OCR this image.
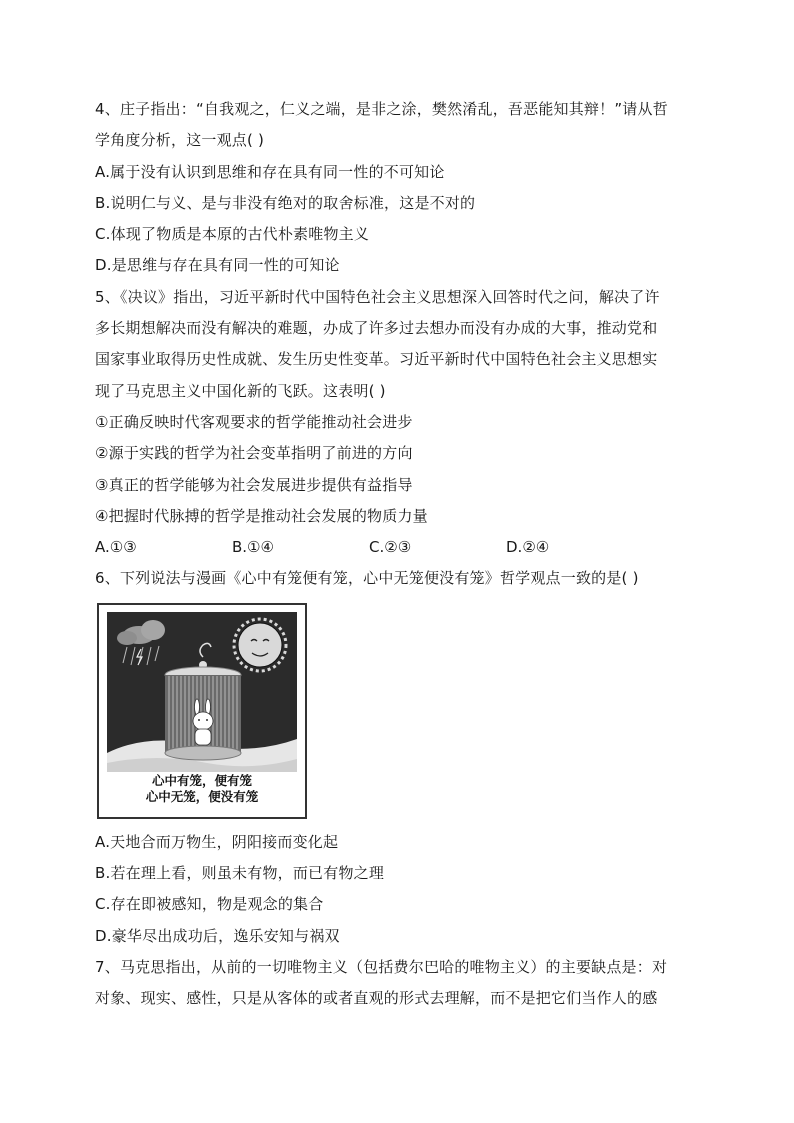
4、庄子指出：“自我观之，仁义之端，是非之涂，樊然淆乱，吾恶能知其辩！”请从哲
学角度分析，这一观点( )
A.属于没有认识到思维和存在具有同一性的不可知论
B.说明仁与义、是与非没有绝对的取舍标准，这是不对的
C.体现了物质是本原的古代朴素唯物主义
D.是思维与存在具有同一性的可知论
5、《决议》指出，习近平新时代中国特色社会主义思想深入回答时代之问，解决了许
多长期想解决而没有解决的难题，办成了许多过去想办而没有办成的大事，推动党和
国家事业取得历史性成就、发生历史性变革。习近平新时代中国特色社会主义思想实
现了马克思主义中国化新的飞跃。这表明( )
①正确反映时代客观要求的哲学能推动社会进步
②源于实践的哲学为社会变革指明了前进的方向
③真正的哲学能够为社会发展进步提供有益指导
④把握时代脉搏的哲学是推动社会发展的物质力量
A.①③	B.①④	C.②③	D.②④
6、下列说法与漫画《心中有笼便有笼，心中无笼便没有笼》哲学观点一致的是( )
心中有笼，便有笼
心中无笼，便没有笼
A.天地合而万物生，阴阳接而变化起
B.若在理上看，则虽未有物，而已有物之理
C.存在即被感知，物是观念的集合
D.豪华尽出成功后，逸乐安知与祸双
7、马克思指出，从前的一切唯物主义（包括费尔巴哈的唯物主义）的主要缺点是：对
对象、现实、感性，只是从客体的或者直观的形式去理解，而不是把它们当作人的感
